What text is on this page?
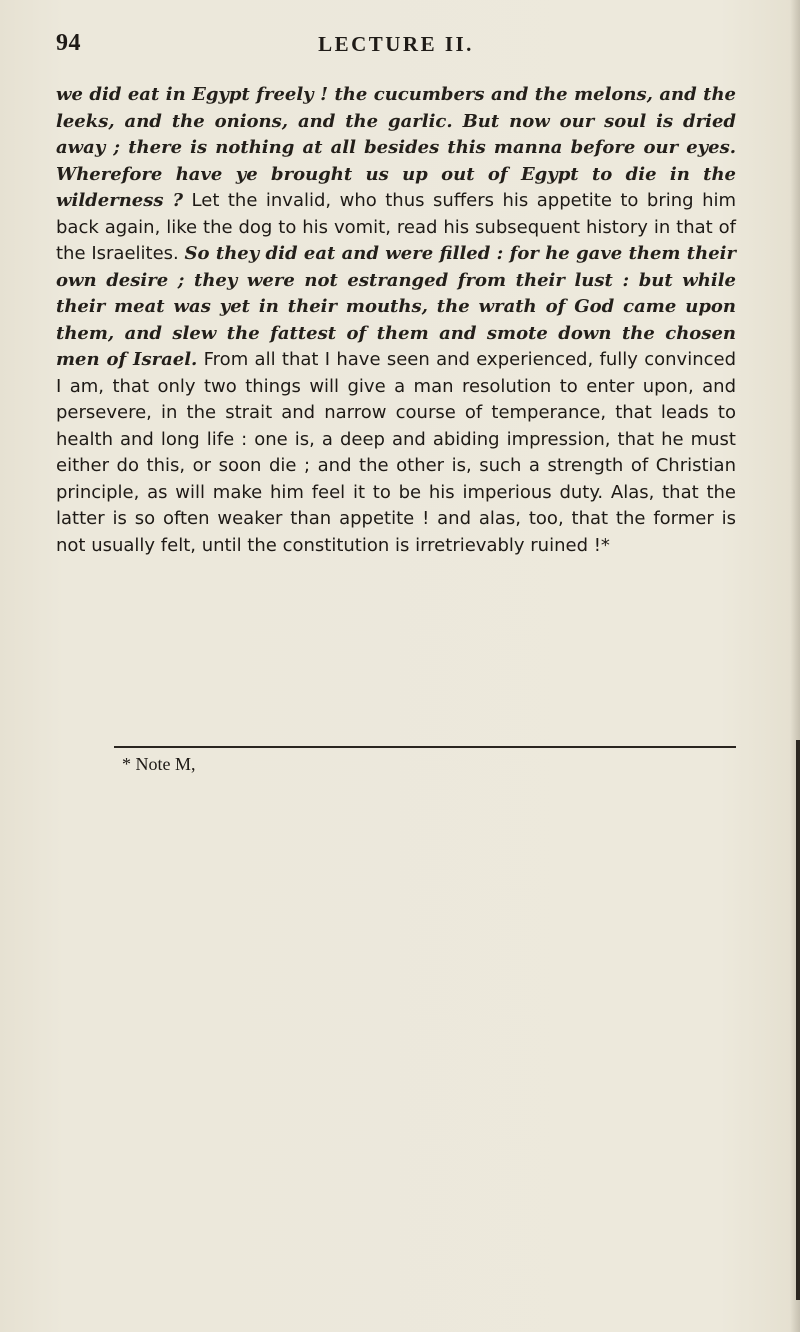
94	LECTURE II.

we did eat in Egypt freely ! the cucumbers and the melons, and the leeks, and the onions, and the garlic. But now our soul is dried away ; there is nothing at all besides this manna before our eyes. Wherefore have ye brought us up out of Egypt to die in the wilderness ? Let the invalid, who thus suffers his appetite to bring him back again, like the dog to his vomit, read his subsequent history in that of the Israelites. So they did eat and were filled : for he gave them their own desire ; they were not estranged from their lust : but while their meat was yet in their mouths, the wrath of God came upon them, and slew the fattest of them and smote down the chosen men of Israel. From all that I have seen and experienced, fully convinced I am, that only two things will give a man resolution to enter upon, and persevere, in the strait and narrow course of temperance, that leads to health and long life : one is, a deep and abiding impression, that he must either do this, or soon die ; and the other is, such a strength of Christian principle, as will make him feel it to be his imperious duty. Alas, that the latter is so often weaker than appetite ! and alas, too, that the former is not usually felt, until the constitution is irretrievably ruined !*

* Note M,
